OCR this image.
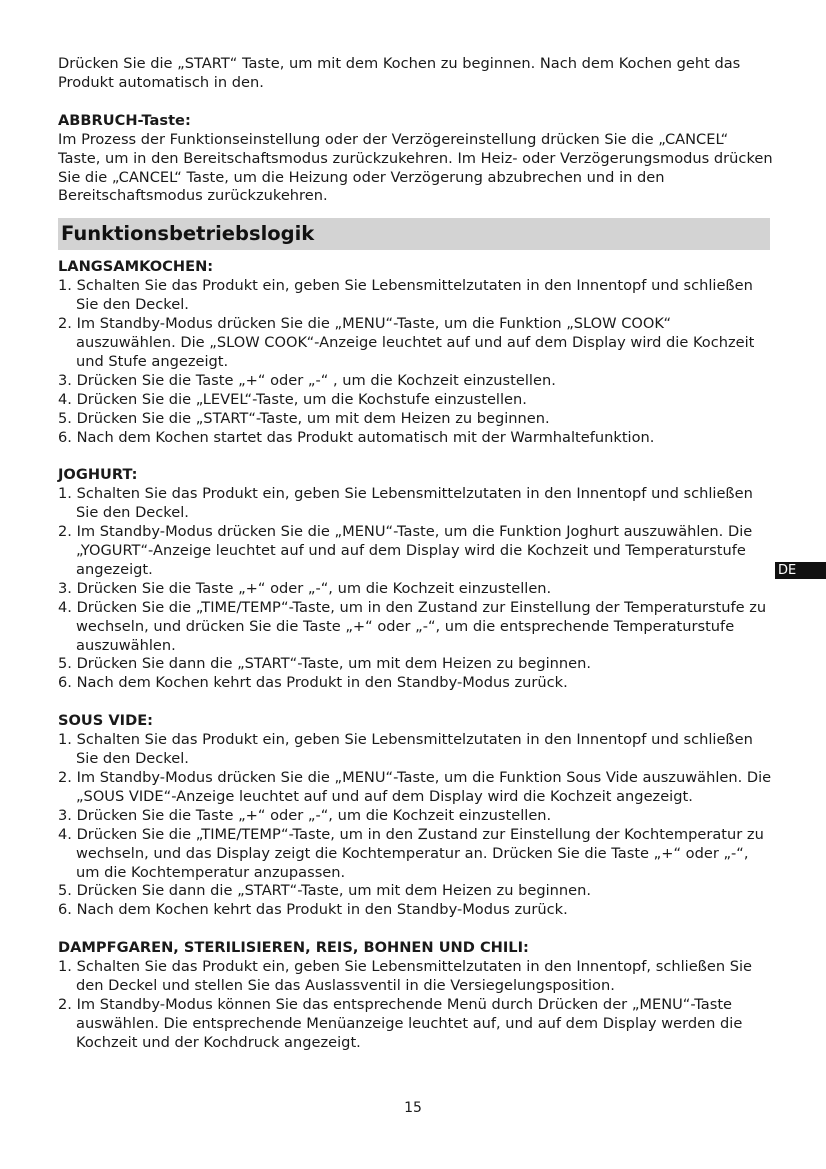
Drücken Sie die „START“ Taste, um mit dem Kochen zu beginnen. Nach dem Kochen geht das Produkt automatisch in den.

ABBRUCH-Taste:

Im Prozess der Funktionseinstellung oder der Verzögereinstellung drücken Sie die „CANCEL“ Taste, um in den Bereitschaftsmodus zurückzukehren. Im Heiz- oder Verzögerungsmodus drücken Sie die „CANCEL“ Taste, um die Heizung oder Verzögerung abzubrechen und in den Bereitschaftsmodus zurückzukehren.

Funktionsbetriebslogik

LANGSAMKOCHEN:

1. Schalten Sie das Produkt ein, geben Sie Lebensmittelzutaten in den Innentopf und schließen Sie den Deckel.
2. Im Standby-Modus drücken Sie die „MENU“-Taste, um die Funktion „SLOW COOK“ auszuwählen. Die „SLOW COOK“-Anzeige leuchtet auf und auf dem Display wird die Kochzeit und Stufe angezeigt.
3. Drücken Sie die Taste „+“ oder „-“ , um die Kochzeit einzustellen.
4. Drücken Sie die „LEVEL“-Taste, um die Kochstufe einzustellen.
5. Drücken Sie die „START“-Taste, um mit dem Heizen zu beginnen.
6. Nach dem Kochen startet das Produkt automatisch mit der Warmhaltefunktion.

JOGHURT:

1. Schalten Sie das Produkt ein, geben Sie Lebensmittelzutaten in den Innentopf und schließen Sie den Deckel.
2. Im Standby-Modus drücken Sie die „MENU“-Taste, um die Funktion Joghurt auszuwählen. Die „YOGURT“-Anzeige leuchtet auf und auf dem Display wird die Kochzeit und Temperaturstufe angezeigt.
3. Drücken Sie die Taste „+“ oder „-“, um die Kochzeit einzustellen.
4. Drücken Sie die „TIME/TEMP“-Taste, um in den Zustand zur Einstellung der Temperaturstufe zu wechseln, und drücken Sie die Taste „+“ oder „-“, um die entsprechende Temperaturstufe auszuwählen.
5. Drücken Sie dann die „START“-Taste, um mit dem Heizen zu beginnen.
6. Nach dem Kochen kehrt das Produkt in den Standby-Modus zurück.

SOUS VIDE:

1. Schalten Sie das Produkt ein, geben Sie Lebensmittelzutaten in den Innentopf und schließen Sie den Deckel.
2. Im Standby-Modus drücken Sie die „MENU“-Taste, um die Funktion Sous Vide auszuwählen. Die „SOUS VIDE“-Anzeige leuchtet auf und auf dem Display wird die Kochzeit angezeigt.
3. Drücken Sie die Taste „+“ oder „-“, um die Kochzeit einzustellen.
4. Drücken Sie die „TIME/TEMP“-Taste, um in den Zustand zur Einstellung der Kochtemperatur zu wechseln, und das Display zeigt die Kochtemperatur an. Drücken Sie die Taste „+“ oder „-“, um die Kochtemperatur anzupassen.
5. Drücken Sie dann die „START“-Taste, um mit dem Heizen zu beginnen.
6. Nach dem Kochen kehrt das Produkt in den Standby-Modus zurück.

DAMPFGAREN, STERILISIEREN, REIS, BOHNEN UND CHILI:

1. Schalten Sie das Produkt ein, geben Sie Lebensmittelzutaten in den Innentopf, schließen Sie den Deckel und stellen Sie das Auslassventil in die Versiegelungsposition.
2. Im Standby-Modus können Sie das entsprechende Menü durch Drücken der „MENU“-Taste auswählen. Die entsprechende Menüanzeige leuchtet auf, und auf dem Display werden die Kochzeit und der Kochdruck angezeigt.
DE
15
